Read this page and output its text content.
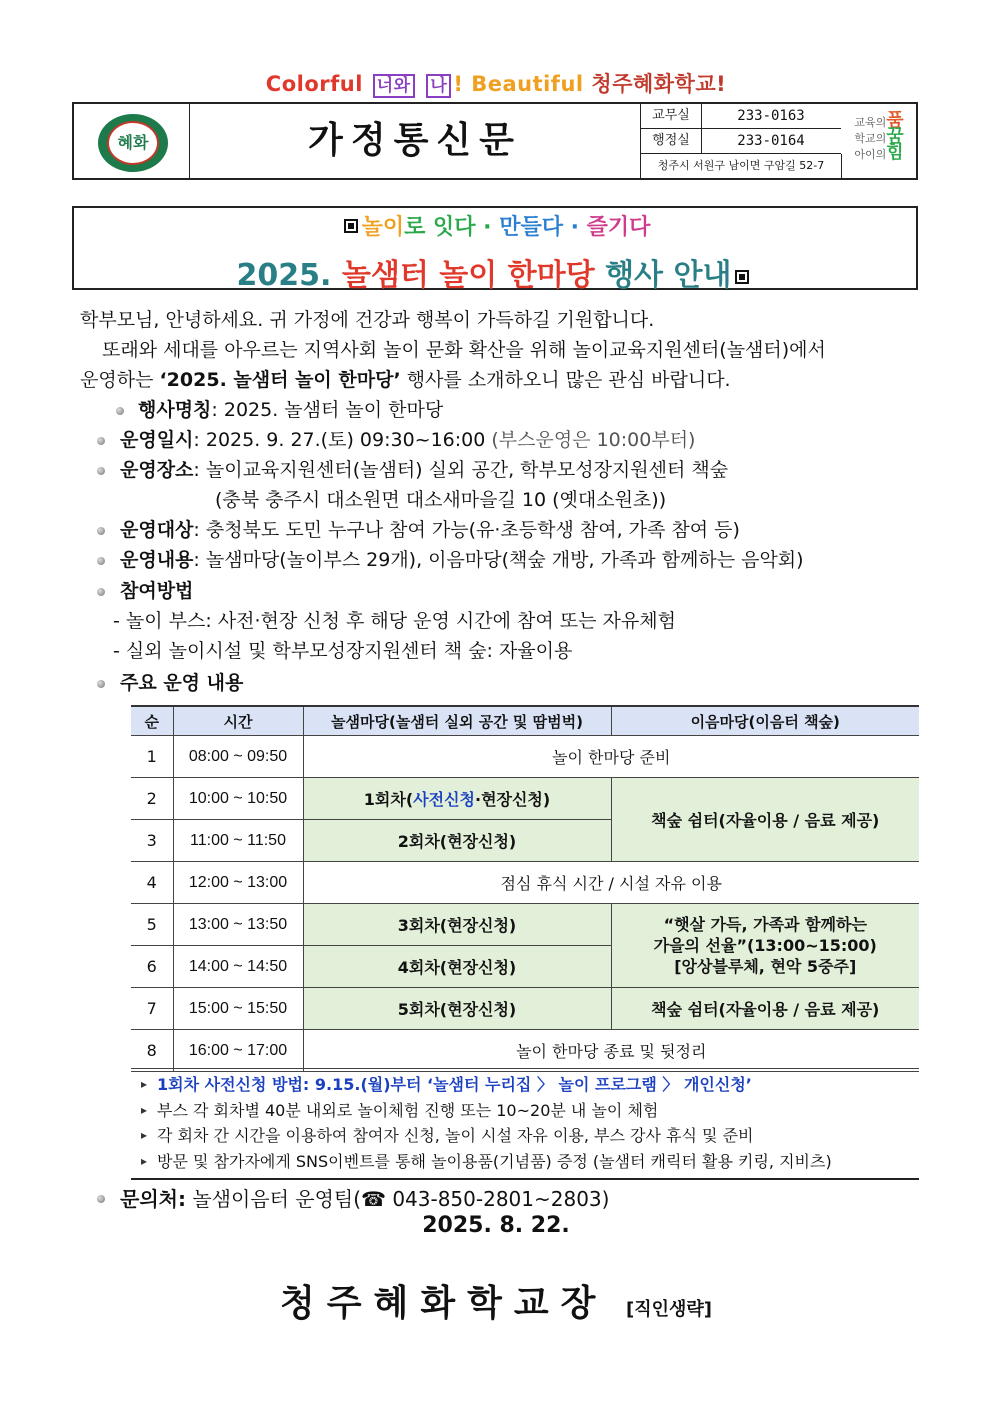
Colorful 너와 나 ! Beautiful 청주혜화학교!
혜화	가정통신문
교무실	233-0163
행정실	233-0164
청주시 서원구 남이면 구암길 52-7
교육의품
학교의꿈
아이의힘
놀이로 잇다 · 만들다 · 즐기다
2025. 놀샘터 놀이 한마당 행사 안내
학부모님, 안녕하세요. 귀 가정에 건강과 행복이 가득하길 기원합니다.
또래와 세대를 아우르는 지역사회 놀이 문화 확산을 위해 놀이교육지원센터(놀샘터)에서
운영하는 ‘2025. 놀샘터 놀이 한마당’ 행사를 소개하오니 많은 관심 바랍니다.
행사명칭: 2025. 놀샘터 놀이 한마당
운영일시: 2025. 9. 27.(토) 09:30~16:00 (부스운영은 10:00부터)
운영장소: 놀이교육지원센터(놀샘터) 실외 공간, 학부모성장지원센터 책숲
(충북 충주시 대소원면 대소새마을길 10 (옛대소원초))
운영대상: 충청북도 도민 누구나 참여 가능(유·초등학생 참여, 가족 참여 등)
운영내용: 놀샘마당(놀이부스 29개), 이음마당(책숲 개방, 가족과 함께하는 음악회)
참여방법
- 놀이 부스: 사전·현장 신청 후 해당 운영 시간에 참여 또는 자유체험
- 실외 놀이시설 및 학부모성장지원센터 책 숲: 자율이용
주요 운영 내용
순	시간	놀샘마당(놀샘터 실외 공간 및 땀범벅)	이음마당(이음터 책숲)
1	08:00 ~ 09:50	놀이 한마당 준비	
2	10:00 ~ 10:50	1회차(사전신청·현장신청)	책숲 쉼터(자율이용 / 음료 제공)
3	11:00 ~ 11:50	2회차(현장신청)	
4	12:00 ~ 13:00	점심 휴식 시간 / 시설 자유 이용	
5	13:00 ~ 13:50	3회차(현장신청)	“햇살 가득, 가족과 함께하는
가을의 선율”(13:00~15:00)
[앙상블루체, 현악 5중주]

6	14:00 ~ 14:50	4회차(현장신청)	
7	15:00 ~ 15:50	5회차(현장신청)	책숲 쉼터(자율이용 / 음료 제공)
8	16:00 ~ 17:00	놀이 한마당 종료 및 뒷정리	
▸ 1회차 사전신청 방법: 9.15.(월)부터 ‘놀샘터 누리집 〉 놀이 프로그램 〉 개인신청’
▸ 부스 각 회차별 40분 내외로 놀이체험 진행 또는 10~20분 내 놀이 체험
▸ 각 회차 간 시간을 이용하여 참여자 신청, 놀이 시설 자유 이용, 부스 강사 휴식 및 준비
▸ 방문 및 참가자에게 SNS이벤트를 통해 놀이용품(기념품) 증정 (놀샘터 캐릭터 활용 키링, 지비츠)
문의처: 놀샘이음터 운영팀(☎ 043-850-2801~2803)
2025. 8. 22.
청주혜화학교장 [직인생략]
